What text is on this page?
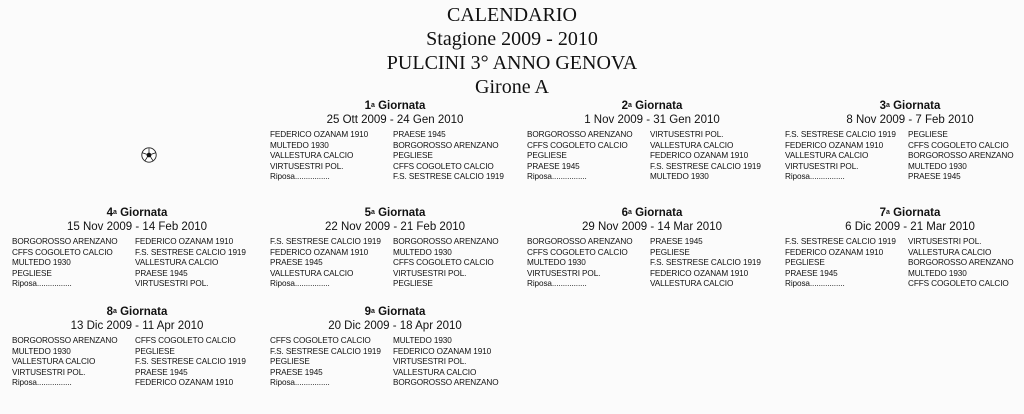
CALENDARIO
Stagione 2009 - 2010
PULCINI 3° ANNO GENOVA
Girone A
1$^a$ Giornata
25 Ott 2009 - 24 Gen 2010
FEDERICO OZANAM 1910
MULTEDO 1930
VALLESTURA CALCIO
VIRTUSESTRI POL.
Riposa................
PRAESE 1945
BORGOROSSO ARENZANO
PEGLIESE
CFFS COGOLETO CALCIO
F.S. SESTRESE CALCIO 1919
2$^a$ Giornata
1 Nov 2009 - 31 Gen 2010
BORGOROSSO ARENZANO
CFFS COGOLETO CALCIO
PEGLIESE
PRAESE 1945
Riposa................
VIRTUSESTRI POL.
VALLESTURA CALCIO
FEDERICO OZANAM 1910
F.S. SESTRESE CALCIO 1919
MULTEDO 1930
3$^a$ Giornata
8 Nov 2009 - 7 Feb 2010
F.S. SESTRESE CALCIO 1919
FEDERICO OZANAM 1910
VALLESTURA CALCIO
VIRTUSESTRI POL.
Riposa................
PEGLIESE
CFFS COGOLETO CALCIO
BORGOROSSO ARENZANO
MULTEDO 1930
PRAESE 1945
4$^a$ Giornata
15 Nov 2009 - 14 Feb 2010
BORGOROSSO ARENZANO
CFFS COGOLETO CALCIO
MULTEDO 1930
PEGLIESE
Riposa................
FEDERICO OZANAM 1910
F.S. SESTRESE CALCIO 1919
VALLESTURA CALCIO
PRAESE 1945
VIRTUSESTRI POL.
5$^a$ Giornata
22 Nov 2009 - 21 Feb 2010
F.S. SESTRESE CALCIO 1919
FEDERICO OZANAM 1910
PRAESE 1945
VALLESTURA CALCIO
Riposa................
BORGOROSSO ARENZANO
MULTEDO 1930
CFFS COGOLETO CALCIO
VIRTUSESTRI POL.
PEGLIESE
6$^a$ Giornata
29 Nov 2009 - 14 Mar 2010
BORGOROSSO ARENZANO
CFFS COGOLETO CALCIO
MULTEDO 1930
VIRTUSESTRI POL.
Riposa................
PRAESE 1945
PEGLIESE
F.S. SESTRESE CALCIO 1919
FEDERICO OZANAM 1910
VALLESTURA CALCIO
7$^a$ Giornata
6 Dic 2009 - 21 Mar 2010
F.S. SESTRESE CALCIO 1919
FEDERICO OZANAM 1910
PEGLIESE
PRAESE 1945
Riposa................
VIRTUSESTRI POL.
VALLESTURA CALCIO
BORGOROSSO ARENZANO
MULTEDO 1930
CFFS COGOLETO CALCIO
8$^a$ Giornata
13 Dic 2009 - 11 Apr 2010
BORGOROSSO ARENZANO
MULTEDO 1930
VALLESTURA CALCIO
VIRTUSESTRI POL.
Riposa................
CFFS COGOLETO CALCIO
PEGLIESE
F.S. SESTRESE CALCIO 1919
PRAESE 1945
FEDERICO OZANAM 1910
9$^a$ Giornata
20 Dic 2009 - 18 Apr 2010
CFFS COGOLETO CALCIO
F.S. SESTRESE CALCIO 1919
PEGLIESE
PRAESE 1945
Riposa................
MULTEDO 1930
FEDERICO OZANAM 1910
VIRTUSESTRI POL.
VALLESTURA CALCIO
BORGOROSSO ARENZANO
